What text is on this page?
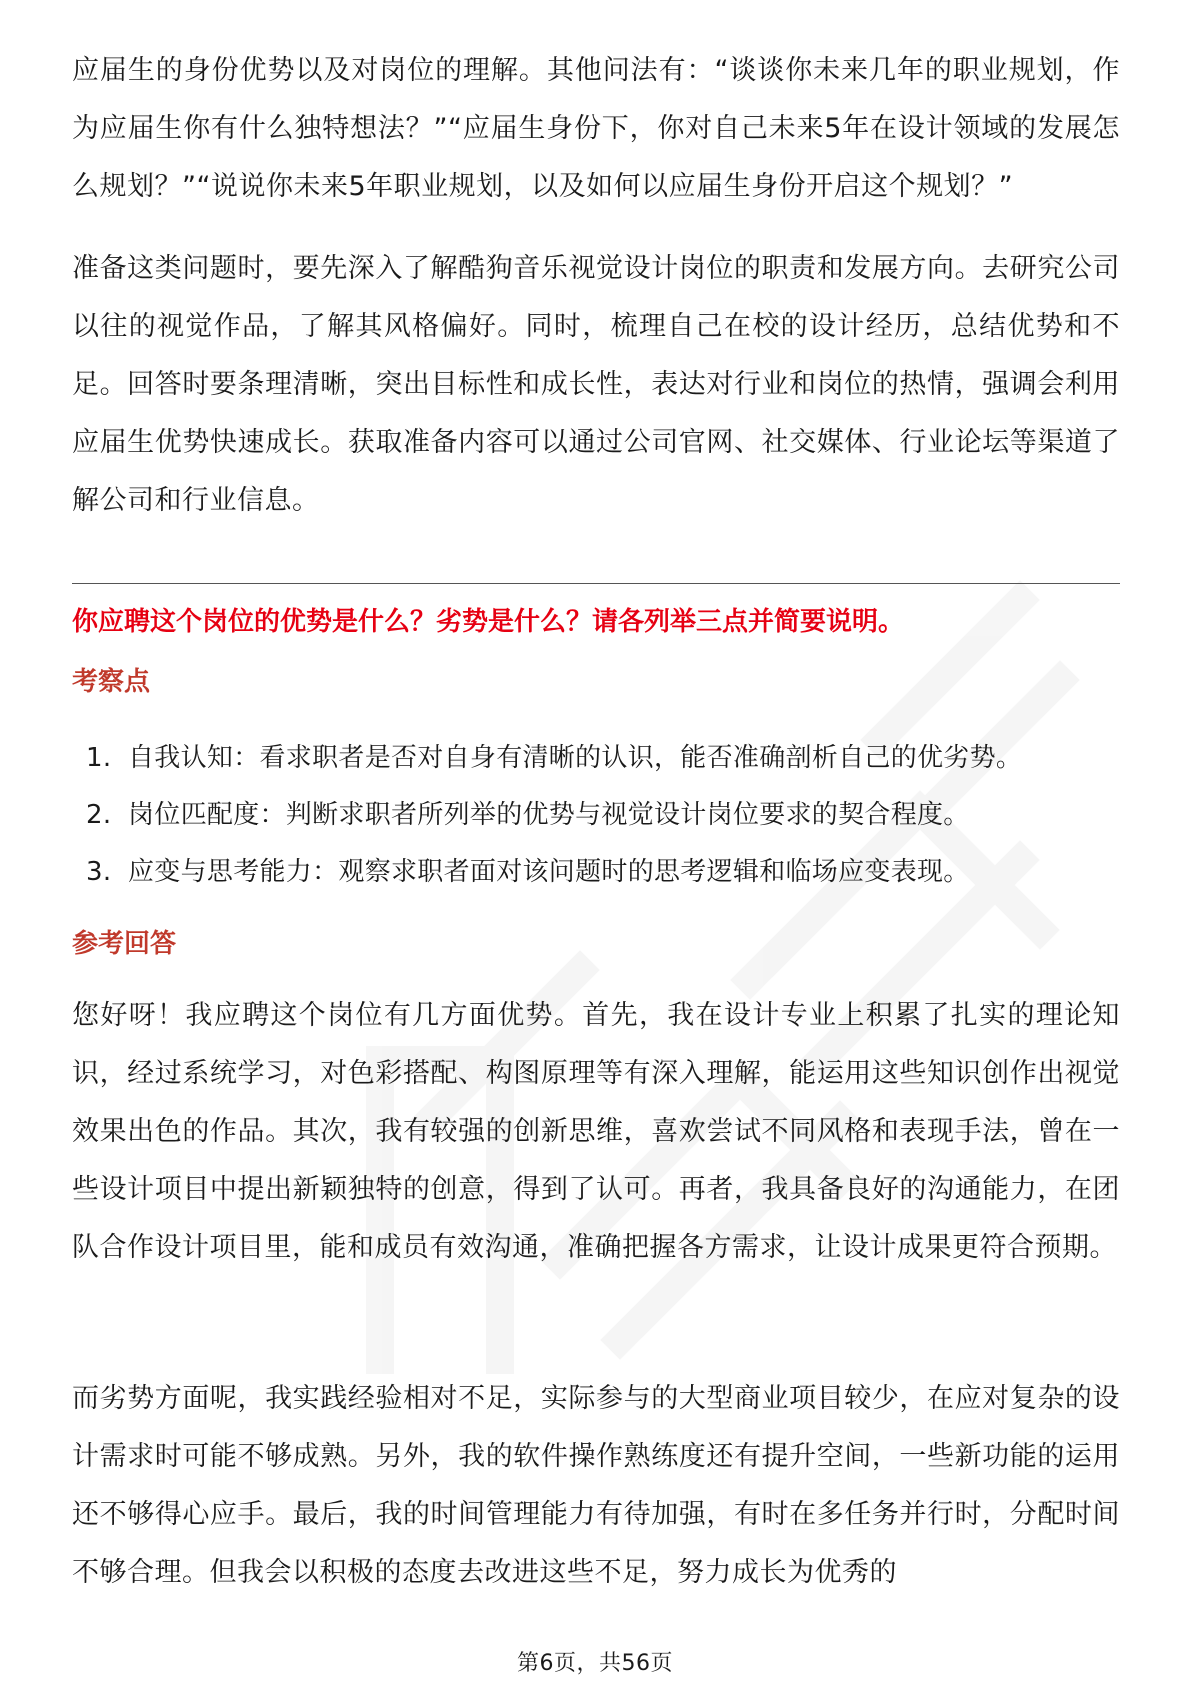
应届生的身份优势以及对岗位的理解。其他问法有：“谈谈你未来几年的职业规划，作为应届生你有什么独特想法？”“应届生身份下，你对自己未来5年在设计领域的发展怎么规划？”“说说你未来5年职业规划，以及如何以应届生身份开启这个规划？”

准备这类问题时，要先深入了解酷狗音乐视觉设计岗位的职责和发展方向。去研究公司以往的视觉作品，了解其风格偏好。同时，梳理自己在校的设计经历，总结优势和不足。回答时要条理清晰，突出目标性和成长性，表达对行业和岗位的热情，强调会利用应届生优势快速成长。获取准备内容可以通过公司官网、社交媒体、行业论坛等渠道了解公司和行业信息。

你应聘这个岗位的优势是什么？劣势是什么？请各列举三点并简要说明。

考察点

1. 自我认知：看求职者是否对自身有清晰的认识，能否准确剖析自己的优劣势。
2. 岗位匹配度：判断求职者所列举的优势与视觉设计岗位要求的契合程度。
3. 应变与思考能力：观察求职者面对该问题时的思考逻辑和临场应变表现。

参考回答

您好呀！我应聘这个岗位有几方面优势。首先，我在设计专业上积累了扎实的理论知识，经过系统学习，对色彩搭配、构图原理等有深入理解，能运用这些知识创作出视觉效果出色的作品。其次，我有较强的创新思维，喜欢尝试不同风格和表现手法，曾在一些设计项目中提出新颖独特的创意，得到了认可。再者，我具备良好的沟通能力，在团队合作设计项目里，能和成员有效沟通，准确把握各方需求，让设计成果更符合预期。

而劣势方面呢，我实践经验相对不足，实际参与的大型商业项目较少，在应对复杂的设计需求时可能不够成熟。另外，我的软件操作熟练度还有提升空间，一些新功能的运用还不够得心应手。最后，我的时间管理能力有待加强，有时在多任务并行时，分配时间不够合理。但我会以积极的态度去改进这些不足，努力成长为优秀的

第6页，共56页
